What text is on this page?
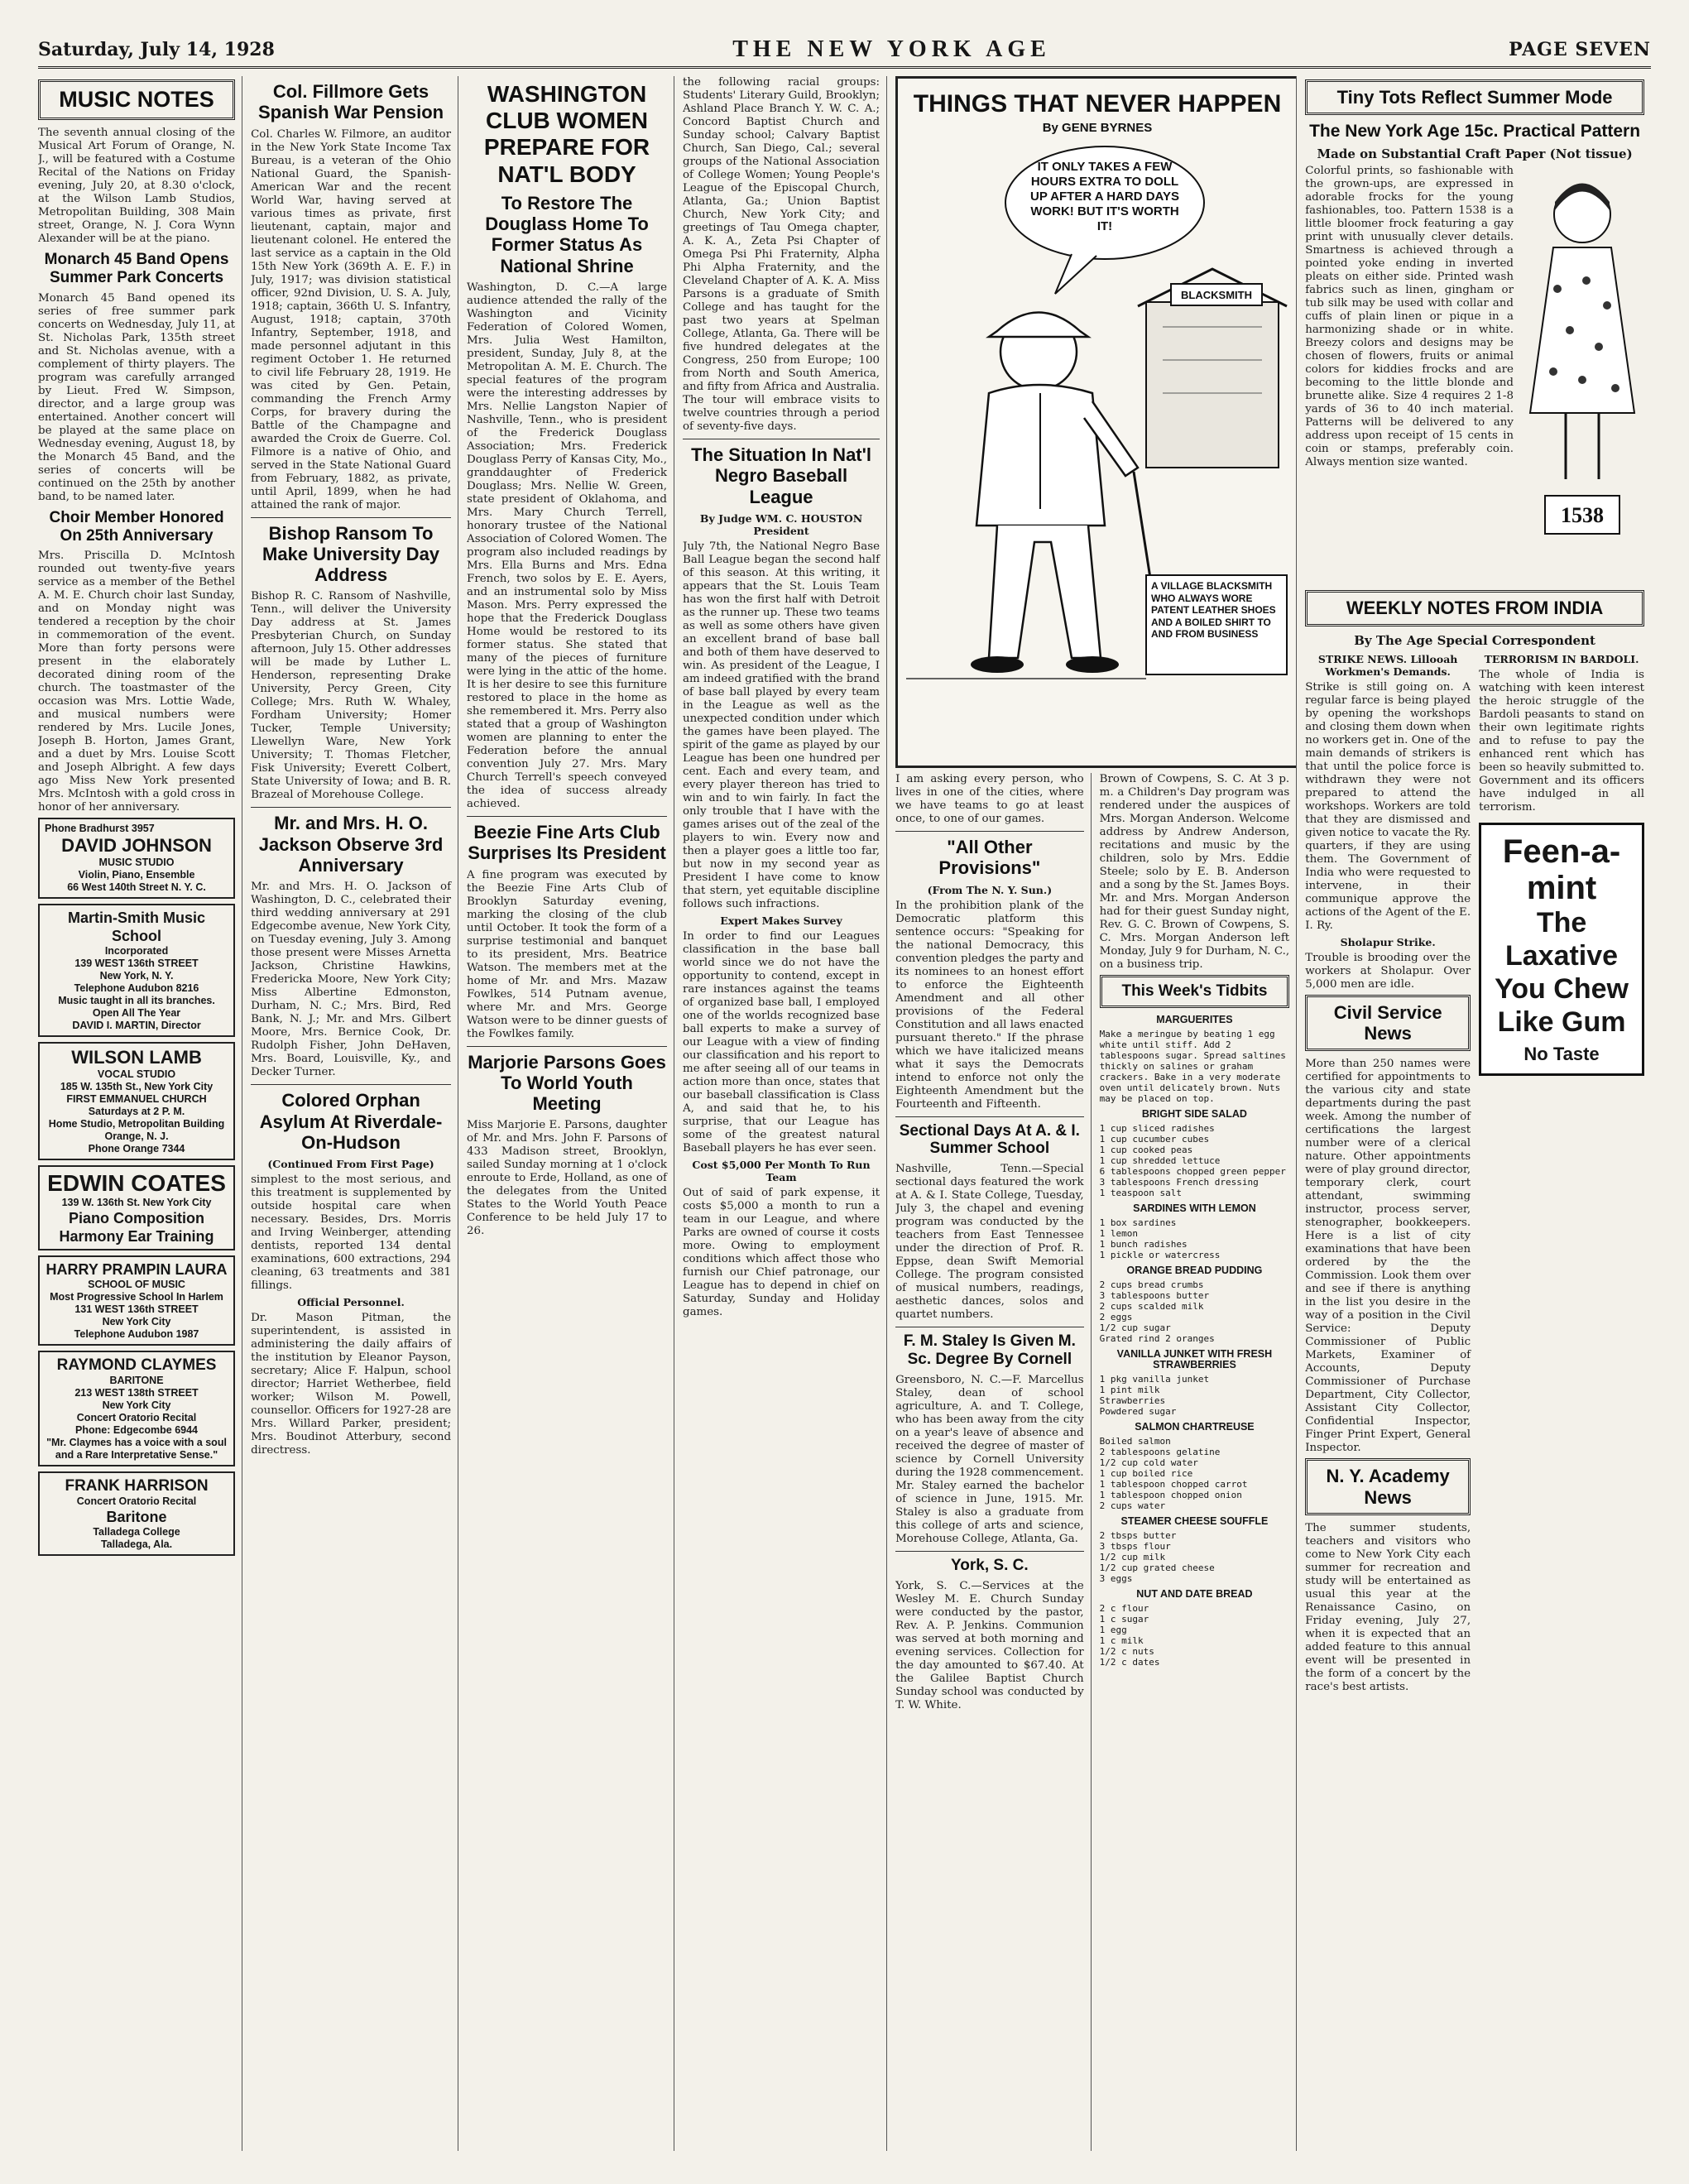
Saturday, July 14, 1928	THE NEW YORK AGE	PAGE SEVEN
MUSIC NOTES

The seventh annual closing of the Musical Art Forum of Orange, N. J., will be featured with a Costume Recital of the Nations on Friday evening, July 20, at 8.30 o'clock, at the Wilson Lamb Studios, Metropolitan Building, 308 Main street, Orange, N. J. Cora Wynn Alexander will be at the piano.

Monarch 45 Band Opens Summer Park Concerts

Monarch 45 Band opened its series of free summer park concerts on Wednesday, July 11, at St. Nicholas Park, 135th street and St. Nicholas avenue, with a complement of thirty players. The program was carefully arranged by Lieut. Fred W. Simpson, director, and a large group was entertained. Another concert will be played at the same place on Wednesday evening, August 18, by the Monarch 45 Band, and the series of concerts will be continued on the 25th by another band, to be named later.

Choir Member Honored On 25th Anniversary

Mrs. Priscilla D. McIntosh rounded out twenty-five years service as a member of the Bethel A. M. E. Church choir last Sunday, and on Monday night was tendered a reception by the choir in commemoration of the event. More than forty persons were present in the elaborately decorated dining room of the church. The toastmaster of the occasion was Mrs. Lottie Wade, and musical numbers were rendered by Mrs. Lucile Jones, Joseph B. Horton, James Grant, and a duet by Mrs. Louise Scott and Joseph Albright. A few days ago Miss New York presented Mrs. McIntosh with a gold cross in honor of her anniversary.

Phone Bradhurst 3957
DAVID JOHNSON
MUSIC STUDIO
Violin, Piano, Ensemble
66 West 140th Street N. Y. C.
Martin-Smith Music School
Incorporated
139 WEST 136th STREET
New York, N. Y.
Telephone Audubon 8216
Music taught in all its branches. Open All The Year
DAVID I. MARTIN, Director
WILSON LAMB
VOCAL STUDIO
185 W. 135th St., New York City
FIRST EMMANUEL CHURCH
Saturdays at 2 P. M.
Home Studio, Metropolitan Building
Orange, N. J.
Phone Orange 7344
EDWIN COATES
139 W. 136th St. New York City
Piano Composition
Harmony Ear Training
HARRY PRAMPIN LAURA
SCHOOL OF MUSIC
Most Progressive School In Harlem
131 WEST 136th STREET
New York City
Telephone Audubon 1987
RAYMOND CLAYMES
BARITONE
213 WEST 138th STREET
New York City
Concert Oratorio Recital
Phone: Edgecombe 6944
"Mr. Claymes has a voice with a soul and a Rare Interpretative Sense."
FRANK HARRISON
Concert Oratorio Recital
Baritone
Talladega College
Talladega, Ala.
Col. Fillmore Gets Spanish War Pension

Col. Charles W. Filmore, an auditor in the New York State Income Tax Bureau, is a veteran of the Ohio National Guard, the Spanish-American War and the recent World War, having served at various times as private, first lieutenant, captain, major and lieutenant colonel. He entered the last service as a captain in the Old 15th New York (369th A. E. F.) in July, 1917; was division statistical officer, 92nd Division, U. S. A. July, 1918; captain, 366th U. S. Infantry, August, 1918; captain, 370th Infantry, September, 1918, and made personnel adjutant in this regiment October 1. He returned to civil life February 28, 1919. He was cited by Gen. Petain, commanding the French Army Corps, for bravery during the Battle of the Champagne and awarded the Croix de Guerre. Col. Filmore is a native of Ohio, and served in the State National Guard from February, 1882, as private, until April, 1899, when he had attained the rank of major.

Bishop Ransom To Make University Day Address

Bishop R. C. Ransom of Nashville, Tenn., will deliver the University Day address at St. James Presbyterian Church, on Sunday afternoon, July 15. Other addresses will be made by Luther L. Henderson, representing Drake University, Percy Green, City College; Mrs. Ruth W. Whaley, Fordham University; Homer Tucker, Temple University; Llewellyn Ware, New York University; T. Thomas Fletcher, Fisk University; Everett Colbert, State University of Iowa; and B. R. Brazeal of Morehouse College.

Mr. and Mrs. H. O. Jackson Observe 3rd Anniversary

Mr. and Mrs. H. O. Jackson of Washington, D. C., celebrated their third wedding anniversary at 291 Edgecombe avenue, New York City, on Tuesday evening, July 3. Among those present were Misses Arnetta Jackson, Christine Hawkins, Fredericka Moore, New York City; Miss Albertine Edmonston, Durham, N. C.; Mrs. Bird, Red Bank, N. J.; Mr. and Mrs. Gilbert Moore, Mrs. Bernice Cook, Dr. Rudolph Fisher, John DeHaven, Mrs. Board, Louisville, Ky., and Decker Turner.

Colored Orphan Asylum At Riverdale-On-Hudson
(Continued From First Page)

simplest to the most serious, and this treatment is supplemented by outside hospital care when necessary. Besides, Drs. Morris and Irving Weinberger, attending dentists, reported 134 dental examinations, 600 extractions, 294 cleaning, 63 treatments and 381 fillings.

Official Personnel.

Dr. Mason Pitman, the superintendent, is assisted in administering the daily affairs of the institution by Eleanor Payson, secretary; Alice F. Halpun, school director; Harriet Wetherbee, field worker; Wilson M. Powell, counsellor. Officers for 1927-28 are Mrs. Willard Parker, president; Mrs. Boudinot Atterbury, second directress.

WASHINGTON CLUB WOMEN PREPARE FOR NAT'L BODY
To Restore The Douglass Home To Former Status As National Shrine

Washington, D. C.—A large audience attended the rally of the Washington and Vicinity Federation of Colored Women, Mrs. Julia West Hamilton, president, Sunday, July 8, at the Metropolitan A. M. E. Church. The special features of the program were the interesting addresses by Mrs. Nellie Langston Napier of Nashville, Tenn., who is president of the Frederick Douglass Association; Mrs. Frederick Douglass Perry of Kansas City, Mo., granddaughter of Frederick Douglass; Mrs. Nellie W. Green, state president of Oklahoma, and Mrs. Mary Church Terrell, honorary trustee of the National Association of Colored Women. The program also included readings by Mrs. Ella Burns and Mrs. Edna French, two solos by E. E. Ayers, and an instrumental solo by Miss Mason. Mrs. Perry expressed the hope that the Frederick Douglass Home would be restored to its former status. She stated that many of the pieces of furniture were lying in the attic of the home. It is her desire to see this furniture restored to place in the home as she remembered it. Mrs. Perry also stated that a group of Washington women are planning to enter the Federation before the annual convention July 27. Mrs. Mary Church Terrell's speech conveyed the idea of success already achieved.

Beezie Fine Arts Club Surprises Its President

A fine program was executed by the Beezie Fine Arts Club of Brooklyn Saturday evening, marking the closing of the club until October. It took the form of a surprise testimonial and banquet to its president, Mrs. Beatrice Watson. The members met at the home of Mr. and Mrs. Mazaw Fowlkes, 514 Putnam avenue, where Mr. and Mrs. George Watson were to be dinner guests of the Fowlkes family.

Marjorie Parsons Goes To World Youth Meeting

Miss Marjorie E. Parsons, daughter of Mr. and Mrs. John F. Parsons of 433 Madison street, Brooklyn, sailed Sunday morning at 1 o'clock enroute to Erde, Holland, as one of the delegates from the United States to the World Youth Peace Conference to be held July 17 to 26.

the following racial groups: Students' Literary Guild, Brooklyn; Ashland Place Branch Y. W. C. A.; Concord Baptist Church and Sunday school; Calvary Baptist Church, San Diego, Cal.; several groups of the National Association of College Women; Young People's League of the Episcopal Church, Atlanta, Ga.; Union Baptist Church, New York City; and greetings of Tau Omega chapter, A. K. A., Zeta Psi Chapter of Omega Psi Phi Fraternity, Alpha Phi Alpha Fraternity, and the Cleveland Chapter of A. K. A. Miss Parsons is a graduate of Smith College and has taught for the past two years at Spelman College, Atlanta, Ga. There will be five hundred delegates at the Congress, 250 from Europe; 100 from North and South America, and fifty from Africa and Australia. The tour will embrace visits to twelve countries through a period of seventy-five days.

The Situation In Nat'l Negro Baseball League
By Judge WM. C. HOUSTON President

July 7th, the National Negro Base Ball League began the second half of this season. At this writing, it appears that the St. Louis Team has won the first half with Detroit as the runner up. These two teams as well as some others have given an excellent brand of base ball and both of them have deserved to win. As president of the League, I am indeed gratified with the brand of base ball played by every team in the League as well as the unexpected condition under which the games have been played. The spirit of the game as played by our League has been one hundred per cent. Each and every team, and every player thereon has tried to win and to win fairly. In fact the only trouble that I have with the games arises out of the zeal of the players to win. Every now and then a player goes a little too far, but now in my second year as President I have come to know that stern, yet equitable discipline follows such infractions.

Expert Makes Survey

In order to find our Leagues classification in the base ball world since we do not have the opportunity to contend, except in rare instances against the teams of organized base ball, I employed one of the worlds recognized base ball experts to make a survey of our League with a view of finding our classification and his report to me after seeing all of our teams in action more than once, states that our baseball classification is Class A, and said that he, to his surprise, that our League has some of the greatest natural Baseball players he has ever seen.

Cost $5,000 Per Month To Run Team

Out of said of park expense, it costs $5,000 a month to run a team in our League, and where Parks are owned of course it costs more. Owing to employment conditions which affect those who furnish our Chief patronage, our League has to depend in chief on Saturday, Sunday and Holiday games.

THINGS THAT NEVER HAPPEN
By GENE BYRNES
IT ONLY TAKES A FEW HOURS EXTRA TO DOLL UP AFTER A HARD DAYS WORK! BUT IT'S WORTH IT!
BLACKSMITH
A VILLAGE BLACKSMITH WHO ALWAYS WORE PATENT LEATHER SHOES AND A BOILED SHIRT TO AND FROM BUSINESS

I am asking every person, who lives in one of the cities, where we have teams to go at least once, to one of our games.

"All Other Provisions"
(From The N. Y. Sun.)

In the prohibition plank of the Democratic platform this sentence occurs: "Speaking for the national Democracy, this convention pledges the party and its nominees to an honest effort to enforce the Eighteenth Amendment and all other provisions of the Federal Constitution and all laws enacted pursuant thereto." If the phrase which we have italicized means what it says the Democrats intend to enforce not only the Eighteenth Amendment but the Fourteenth and Fifteenth.

Sectional Days At A. & I. Summer School

Nashville, Tenn.—Special sectional days featured the work at A. & I. State College, Tuesday, July 3, the chapel and evening program was conducted by the teachers from East Tennessee under the direction of Prof. R. Eppse, dean Swift Memorial College. The program consisted of musical numbers, readings, aesthetic dances, solos and quartet numbers.

F. M. Staley Is Given M. Sc. Degree By Cornell

Greensboro, N. C.—F. Marcellus Staley, dean of school agriculture, A. and T. College, who has been away from the city on a year's leave of absence and received the degree of master of science by Cornell University during the 1928 commencement. Mr. Staley earned the bachelor of science in June, 1915. Mr. Staley is also a graduate from this college of arts and science, Morehouse College, Atlanta, Ga.

York, S. C.

York, S. C.—Services at the Wesley M. E. Church Sunday were conducted by the pastor, Rev. A. P. Jenkins. Communion was served at both morning and evening services. Collection for the day amounted to $67.40. At the Galilee Baptist Church Sunday school was conducted by T. W. White.

Brown of Cowpens, S. C. At 3 p. m. a Children's Day program was rendered under the auspices of Mrs. Morgan Anderson. Welcome address by Andrew Anderson, recitations and music by the children, solo by Mrs. Eddie Steele; solo by E. B. Anderson and a song by the St. James Boys. Mr. and Mrs. Morgan Anderson had for their guest Sunday night, Rev. G. C. Brown of Cowpens, S. C. Mrs. Morgan Anderson left Monday, July 9 for Durham, N. C., on a business trip.

This Week's Tidbits
MARGUERITES
Make a meringue by beating 1 egg white until stiff. Add 2 tablespoons sugar. Spread saltines thickly on salines or graham crackers. Bake in a very moderate oven until delicately brown. Nuts may be placed on top.
BRIGHT SIDE SALAD
1 cup sliced radishes
1 cup cucumber cubes
1 cup cooked peas
1 cup shredded lettuce
6 tablespoons chopped green pepper
3 tablespoons French dressing
1 teaspoon salt
SARDINES WITH LEMON
1 box sardines
1 lemon
1 bunch radishes
1 pickle or watercress
ORANGE BREAD PUDDING
2 cups bread crumbs
3 tablespoons butter
2 cups scalded milk
2 eggs
1/2 cup sugar
Grated rind 2 oranges
VANILLA JUNKET WITH FRESH STRAWBERRIES
1 pkg vanilla junket
1 pint milk
Strawberries
Powdered sugar
SALMON CHARTREUSE
Boiled salmon
2 tablespoons gelatine
1/2 cup cold water
1 cup boiled rice
1 tablespoon chopped carrot
1 tablespoon chopped onion
2 cups water
STEAMER CHEESE SOUFFLE
2 tbsps butter
3 tbsps flour
1/2 cup milk
1/2 cup grated cheese
3 eggs
NUT AND DATE BREAD
2 c flour
1 c sugar
1 egg
1 c milk
1/2 c nuts
1/2 c dates
Tiny Tots Reflect Summer Mode
The New York Age 15c. Practical Pattern
Made on Substantial Craft Paper (Not tissue)
1538

Colorful prints, so fashionable with the grown-ups, are expressed in adorable frocks for the young fashionables, too. Pattern 1538 is a little bloomer frock featuring a gay print with unusually clever details. Smartness is achieved through a pointed yoke ending in inverted pleats on either side. Printed wash fabrics such as linen, gingham or tub silk may be used with collar and cuffs of plain linen or pique in a harmonizing shade or in white. Breezy colors and designs may be chosen of flowers, fruits or animal colors for kiddies frocks and are becoming to the little blonde and brunette alike. Size 4 requires 2 1-8 yards of 36 to 40 inch material. Patterns will be delivered to any address upon receipt of 15 cents in coin or stamps, preferably coin. Always mention size wanted.

WEEKLY NOTES FROM INDIA
By The Age Special Correspondent
STRIKE NEWS. Lillooah Workmen's Demands.

Strike is still going on. A regular farce is being played by opening the workshops and closing them down when no workers get in. One of the main demands of strikers is that until the police force is withdrawn they were not prepared to attend the workshops. Workers are told that they are dismissed and given notice to vacate the Ry. quarters, if they are using them. The Government of India who were requested to intervene, in their communique approve the actions of the Agent of the E. I. Ry.

Sholapur Strike.

Trouble is brooding over the workers at Sholapur. Over 5,000 men are idle.

Civil Service News

More than 250 names were certified for appointments to the various city and state departments during the past week. Among the number of certifications the largest number were of a clerical nature. Other appointments were of play ground director, temporary clerk, court attendant, swimming instructor, process server, stenographer, bookkeepers. Here is a list of city examinations that have been ordered by the the Commission. Look them over and see if there is anything in the list you desire in the way of a position in the Civil Service: Deputy Commissioner of Public Markets, Examiner of Accounts, Deputy Commissioner of Purchase Department, City Collector, Assistant City Collector, Confidential Inspector, Finger Print Expert, General Inspector.

N. Y. Academy News

The summer students, teachers and visitors who come to New York City each summer for recreation and study will be entertained as usual this year at the Renaissance Casino, on Friday evening, July 27, when it is expected that an added feature to this annual event will be presented in the form of a concert by the race's best artists.

TERRORISM IN BARDOLI.

The whole of India is watching with keen interest the heroic struggle of the Bardoli peasants to stand on their own legitimate rights and to refuse to pay the enhanced rent which has been so heavily submitted to. Government and its officers have indulged in all terrorism.

Feen-a-mint
The Laxative
You Chew
Like Gum
No Taste
